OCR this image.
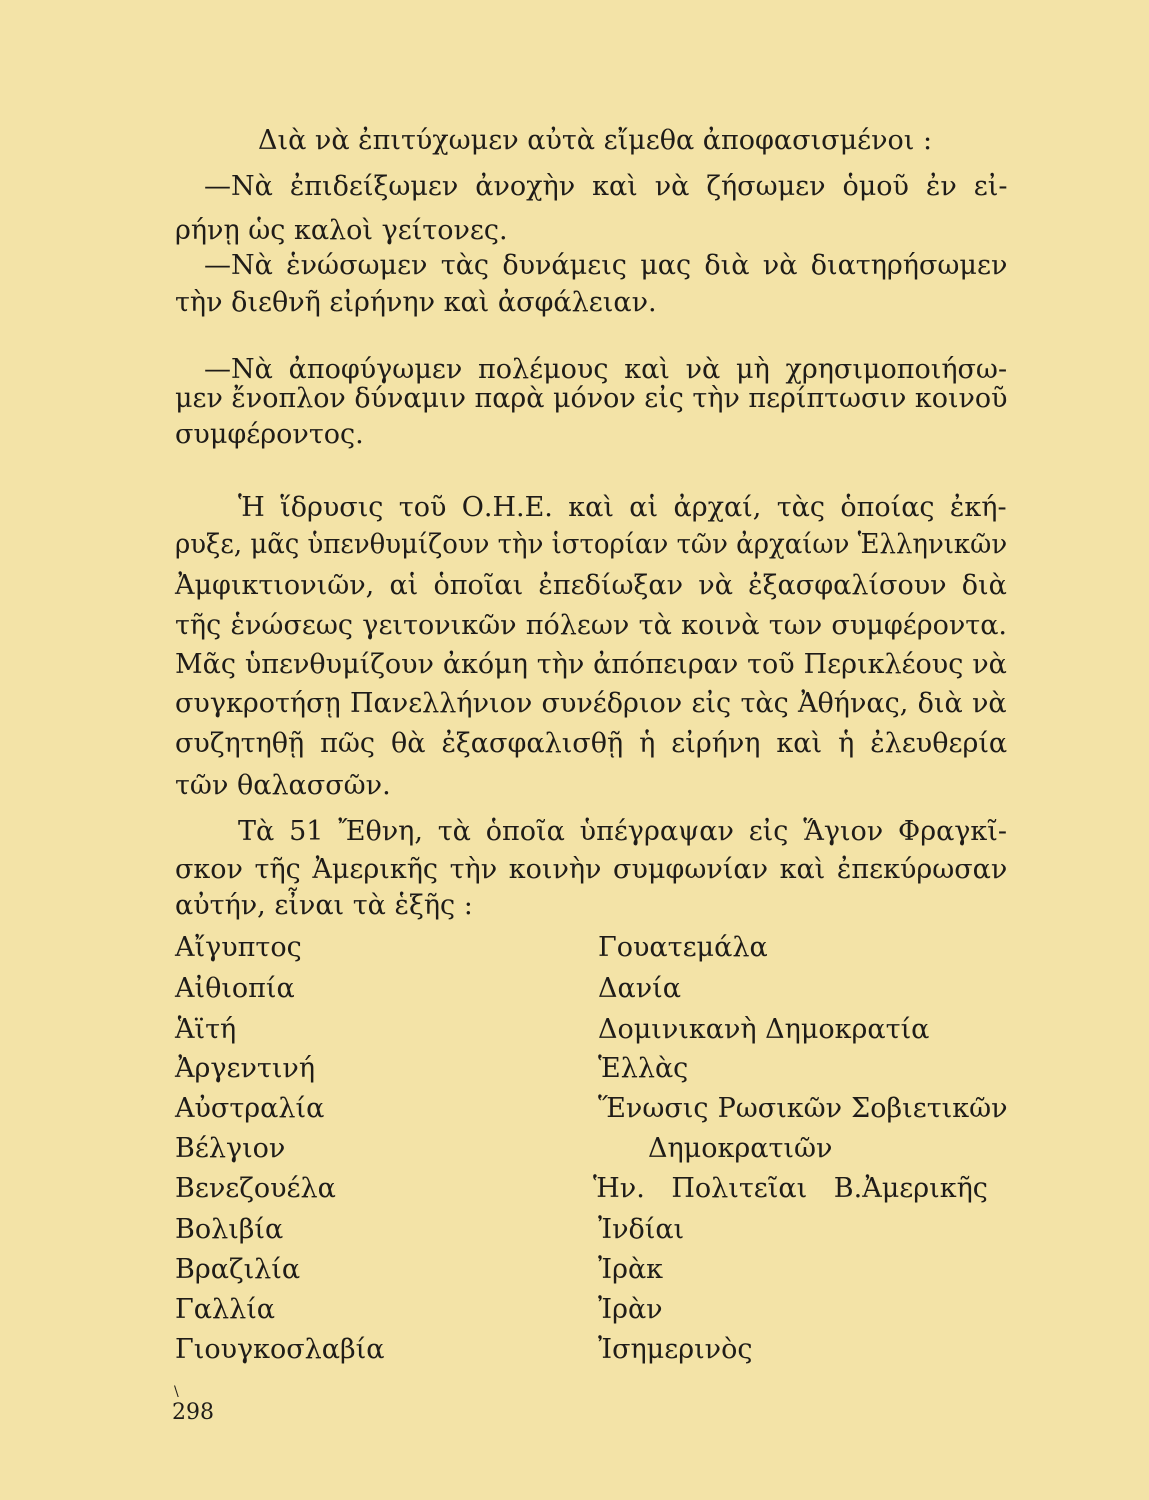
Διὰ νὰ ἐπιτύχωμεν αὐτὰ εἴμεθα ἀποφασισμένοι :
—Νὰ ἐπιδείξωμεν ἀνοχὴν καὶ νὰ ζήσωμεν ὁμοῦ ἐν εἰ-
ρήνῃ ὡς καλοὶ γείτονες.
—Νὰ ἑνώσωμεν τὰς δυνάμεις μας διὰ νὰ διατηρήσωμεν
τὴν διεθνῆ εἰρήνην καὶ ἀσφάλειαν.
—Νὰ ἀποφύγωμεν πολέμους καὶ νὰ μὴ χρησιμοποιήσω-
μεν ἔνοπλον δύναμιν παρὰ μόνον εἰς τὴν περίπτωσιν κοινοῦ
συμφέροντος.
Ἡ ἵδρυσις τοῦ Ο.Η.Ε. καὶ αἱ ἀρχαί, τὰς ὁποίας ἐκή-
ρυξε, μᾶς ὑπενθυμίζουν τὴν ἱστορίαν τῶν ἀρχαίων Ἑλληνικῶν
Ἀμφικτιονιῶν, αἱ ὁποῖαι ἐπεδίωξαν νὰ ἐξασφαλίσουν διὰ
τῆς ἑνώσεως γειτονικῶν πόλεων τὰ κοινὰ των συμφέροντα.
Μᾶς ὑπενθυμίζουν ἀκόμη τὴν ἀπόπειραν τοῦ Περικλέους νὰ
συγκροτήσῃ Πανελλήνιον συνέδριον εἰς τὰς Ἀθήνας, διὰ νὰ
συζητηθῇ πῶς θὰ ἐξασφαλισθῇ ἡ εἰρήνη καὶ ἡ ἐλευθερία
τῶν θαλασσῶν.
Τὰ 51 Ἔθνη, τὰ ὁποῖα ὑπέγραψαν εἰς Ἅγιον Φραγκῖ-
σκον τῆς Ἀμερικῆς τὴν κοινὴν συμφωνίαν καὶ ἐπεκύρωσαν
αὐτήν, εἶναι τὰ ἑξῆς :
Αἴγυπτος
Αἰθιοπία
Ἁϊτή
Ἀργεντινή
Αὐστραλία
Βέλγιον
Βενεζουέλα
Βολιβία
Βραζιλία
Γαλλία
Γιουγκοσλαβία
Γουατεμάλα
Δανία
Δομινικανὴ Δημοκρατία
Ἑλλὰς
Ἕνωσις Ρωσικῶν Σοβιετικῶν
Δημοκρατιῶν
Ἡν. Πολιτεῖαι Β.Ἀμερικῆς
Ἰνδίαι
Ἰρὰκ
Ἰρὰν
Ἰσημερινὸς
\
298
